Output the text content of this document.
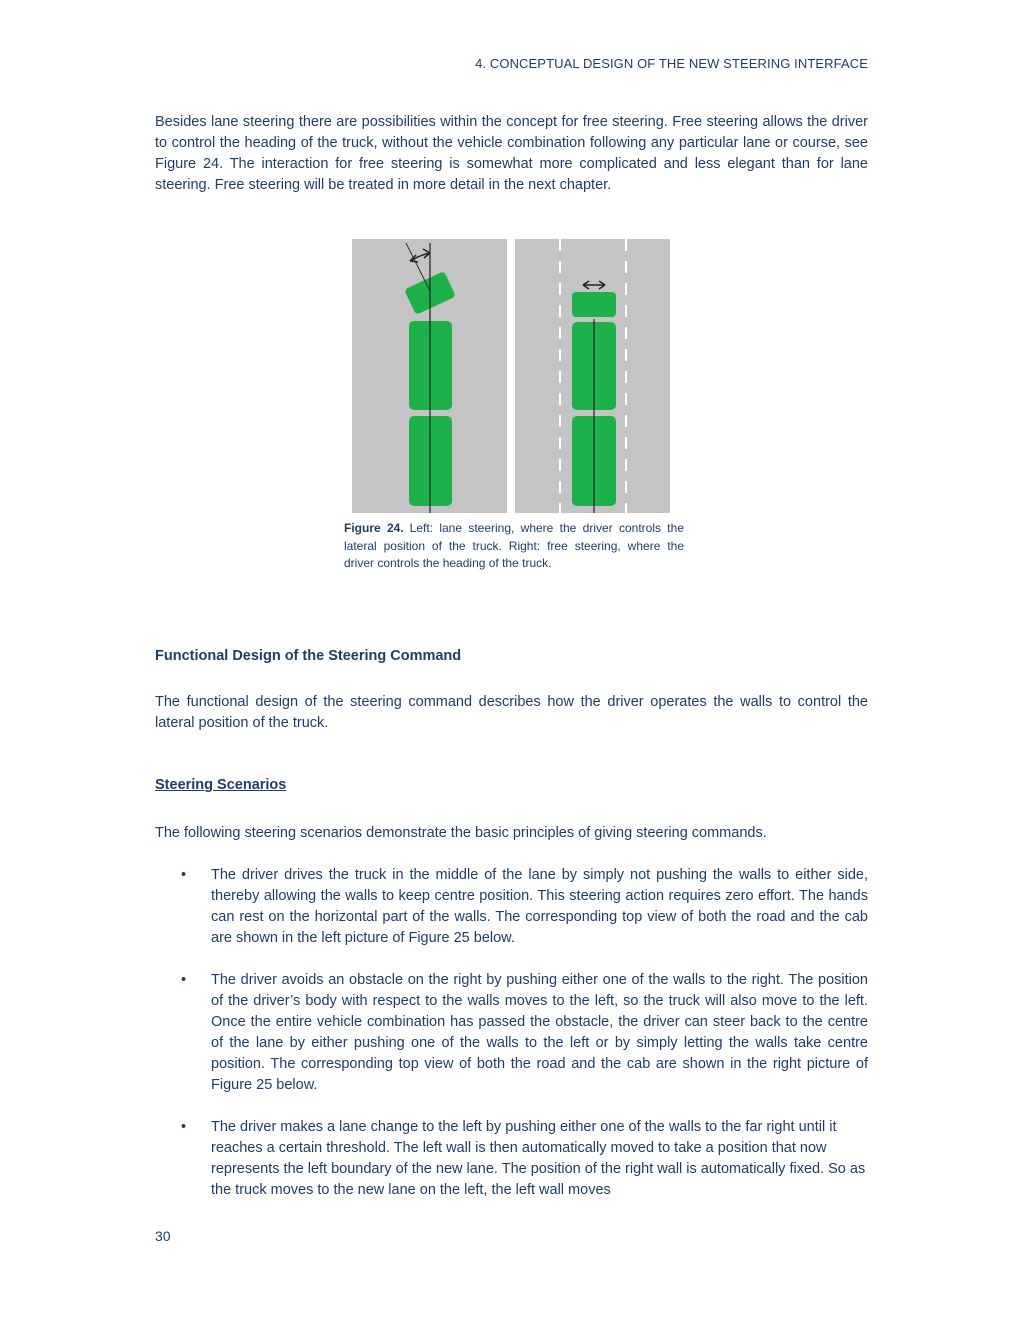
4. CONCEPTUAL DESIGN OF THE NEW STEERING INTERFACE

Besides lane steering there are possibilities within the concept for free steering. Free steering allows the driver to control the heading of the truck, without the vehicle combination following any particular lane or course, see Figure 24. The interaction for free steering is somewhat more complicated and less elegant than for lane steering. Free steering will be treated in more detail in the next chapter.

Figure 24. Left: lane steering, where the driver controls the lateral position of the truck. Right: free steering, where the driver controls the heading of the truck.

Functional Design of the Steering Command

The functional design of the steering command describes how the driver operates the walls to control the lateral position of the truck.

Steering Scenarios

The following steering scenarios demonstrate the basic principles of giving steering commands.

• The driver drives the truck in the middle of the lane by simply not pushing the walls to either side, thereby allowing the walls to keep centre position. This steering action requires zero effort. The hands can rest on the horizontal part of the walls. The corresponding top view of both the road and the cab are shown in the left picture of Figure 25 below.
• The driver avoids an obstacle on the right by pushing either one of the walls to the right. The position of the driver’s body with respect to the walls moves to the left, so the truck will also move to the left. Once the entire vehicle combination has passed the obstacle, the driver can steer back to the centre of the lane by either pushing one of the walls to the left or by simply letting the walls take centre position. The corresponding top view of both the road and the cab are shown in the right picture of Figure 25 below.
• The driver makes a lane change to the left by pushing either one of the walls to the far right until it reaches a certain threshold. The left wall is then automatically moved to take a position that now represents the left boundary of the new lane. The position of the right wall is automatically fixed. So as the truck moves to the new lane on the left, the left wall moves
30
